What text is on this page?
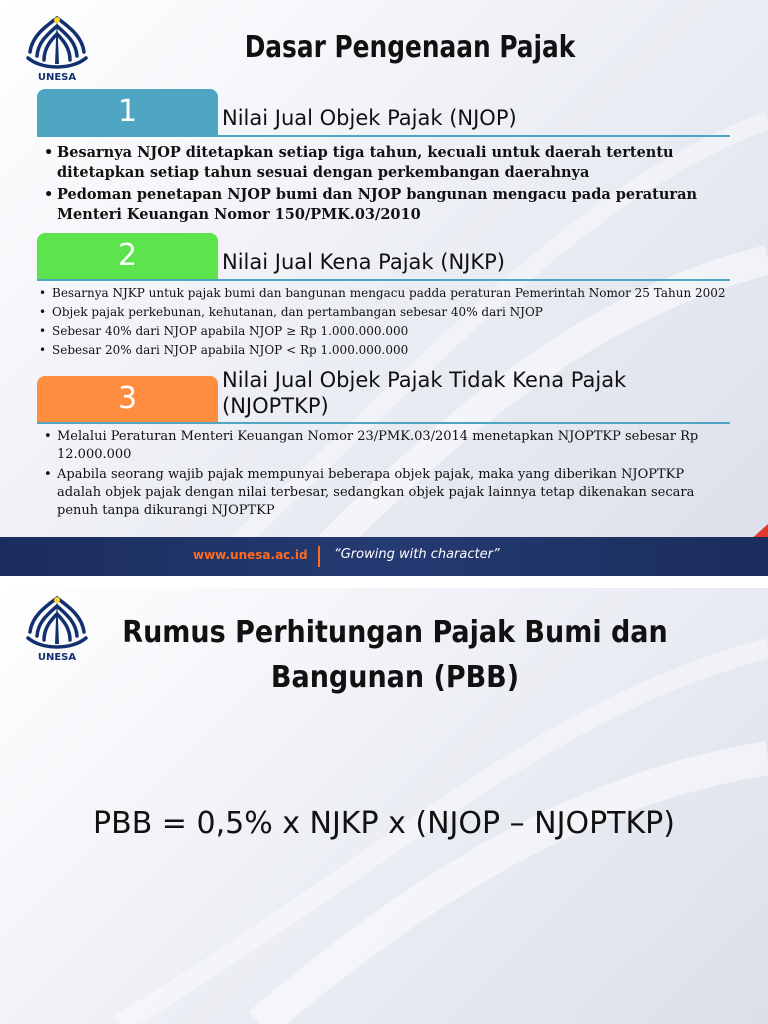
UNESA
Dasar Pengenaan Pajak
1	Nilai Jual Objek Pajak (NJOP)
• Besarnya NJOP ditetapkan setiap tiga tahun, kecuali untuk daerah tertentu ditetapkan setiap tahun sesuai dengan perkembangan daerahnya
• Pedoman penetapan NJOP bumi dan NJOP bangunan mengacu pada peraturan Menteri Keuangan Nomor 150/PMK.03/2010
2	Nilai Jual Kena Pajak (NJKP)
• Besarnya NJKP untuk pajak bumi dan bangunan mengacu padda peraturan Pemerintah Nomor 25 Tahun 2002
• Objek pajak perkebunan, kehutanan, dan pertambangan sebesar 40% dari NJOP
• Sebesar 40% dari NJOP apabila NJOP ≥ Rp 1.000.000.000
• Sebesar 20% dari NJOP apabila NJOP < Rp 1.000.000.000
3
Nilai Jual Objek Pajak Tidak Kena Pajak (NJOPTKP)
• Melalui Peraturan Menteri Keuangan Nomor 23/PMK.03/2014 menetapkan NJOPTKP sebesar Rp 12.000.000
• Apabila seorang wajib pajak mempunyai beberapa objek pajak, maka yang diberikan NJOPTKP adalah objek pajak dengan nilai terbesar, sedangkan objek pajak lainnya tetap dikenakan secara penuh tanpa dikurangi NJOPTKP
www.unesa.ac.id “Growing with character”
UNESA
Rumus Perhitungan Pajak Bumi dan Bangunan (PBB)
PBB = 0,5% x NJKP x (NJOP – NJOPTKP)
